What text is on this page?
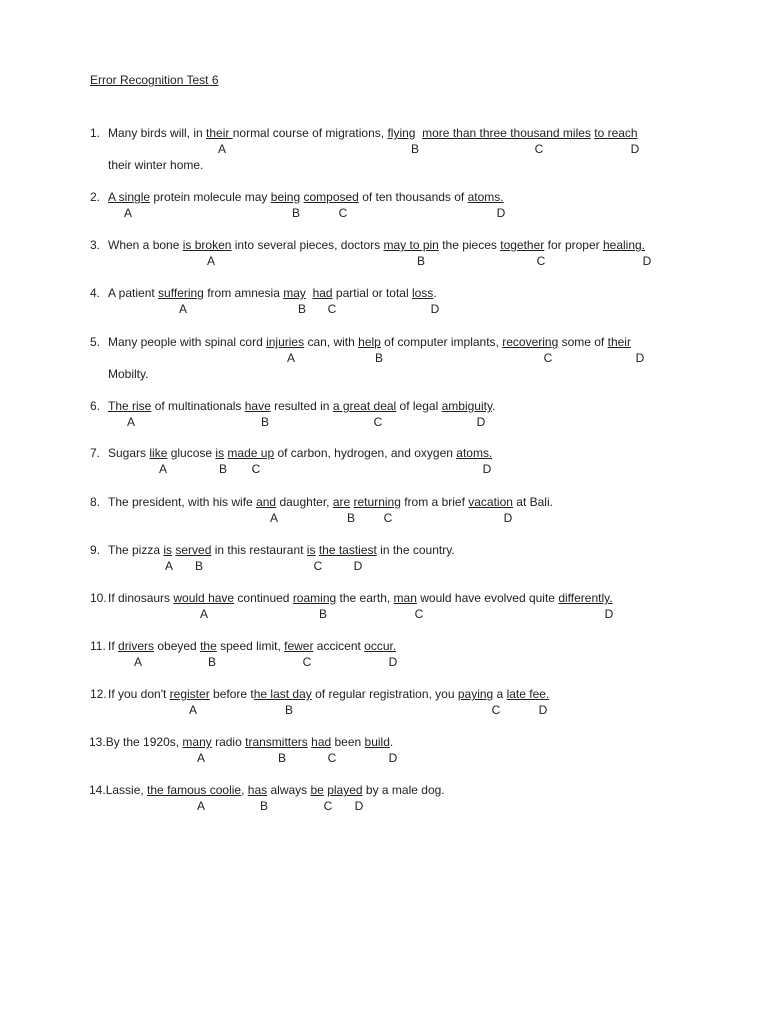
Error Recognition Test 6
1. Many birds will, in their normal course of migrations, flying more than three thousand miles to reach
their winter home.
A	B	C	D
2. A single protein molecule may being composed of ten thousands of atoms.
A	B	C	D
3. When a bone is broken into several pieces, doctors may to pin the pieces together for proper healing.
A	B	C	D
4. A patient suffering from amnesia may had partial or total loss.
A	B C	D
5. Many people with spinal cord injuries can, with help of computer implants, recovering some of their
Mobilty.
A	B	C	D
6. The rise of multinationals have resulted in a great deal of legal ambiguity.
A	B	C	D
7. Sugars like glucose is made up of carbon, hydrogen, and oxygen atoms.
A	B C	D
8. The president, with his wife and daughter, are returning from a brief vacation at Bali.
A	B C	D
9. The pizza is served in this restaurant is the tastiest in the country.
A B	C	D
10. If dinosaurs would have continued roaming the earth, man would have evolved quite differently.
A	B	C	D
11. If drivers obeyed the speed limit, fewer accicent occur.
A	B	C	D
12. If you don't register before the last day of regular registration, you paying a late fee.
A	B	C	D
13.By the 1920s, many radio transmitters had been build.
A	B	C	D
14.Lassie, the famous coolie, has always be played by a male dog.
A	B	C D
